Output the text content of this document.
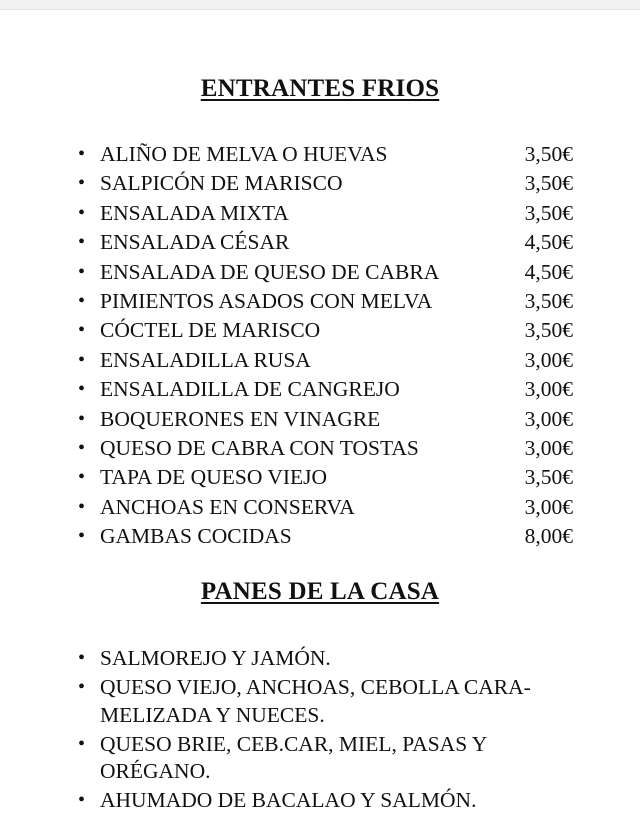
ENTRANTES FRIOS
• ALIÑO DE MELVA O HUEVAS	3,50€
• SALPICÓN DE MARISCO	3,50€
• ENSALADA MIXTA	3,50€
• ENSALADA CÉSAR	4,50€
• ENSALADA DE QUESO DE CABRA	4,50€
• PIMIENTOS ASADOS CON MELVA	3,50€
• CÓCTEL DE MARISCO	3,50€
• ENSALADILLA RUSA	3,00€
• ENSALADILLA DE CANGREJO	3,00€
• BOQUERONES EN VINAGRE	3,00€
• QUESO DE CABRA CON TOSTAS	3,00€
• TAPA DE QUESO VIEJO	3,50€
• ANCHOAS EN CONSERVA	3,00€
• GAMBAS COCIDAS	8,00€
PANES DE LA CASA
• SALMOREJO Y JAMÓN.
• QUESO VIEJO, ANCHOAS, CEBOLLA CARA-
MELIZADA Y NUECES.
• QUESO BRIE, CEB.CAR, MIEL, PASAS Y
ORÉGANO.
• AHUMADO DE BACALAO Y SALMÓN.
